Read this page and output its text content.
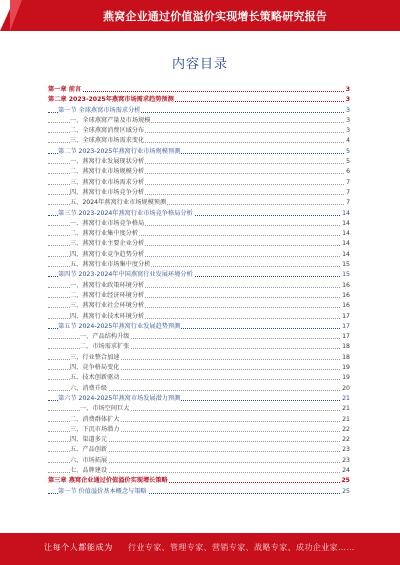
燕窝企业通过价值溢价实现增长策略研究报告
内容目录
第一章 前言	3
第二章 2023-2025年燕窝市场需求趋势预测	3
第一节 全球燕窝市场需求分析	3
一、全球燕窝产量及市场规模	3
二、全球燕窝消费区域分布	3
三、全球燕窝市场需求变化	4
第二节 2023-2025年燕窝行业市场规模预测	5
一、燕窝行业发展现状分析	5
二、燕窝行业市场规模分析	6
三、燕窝行业市场需求分析	7
四、燕窝行业市场竞争分析	7
五、2024年燕窝行业市场规模预测	7
第三节 2023-2024年燕窝行业市场竞争格局分析	14
一、燕窝行业市场竞争格局	14
二、燕窝行业集中度分析	14
三、燕窝行业主要企业分析	14
四、燕窝行业竞争趋势分析	14
五、燕窝行业市场集中度分析	15
第四节 2023-2024年中国燕窝行业发展环境分析	15
一、燕窝行业政策环境分析	16
二、燕窝行业经济环境分析	16
三、燕窝行业社会环境分析	16
四、燕窝行业技术环境分析	17
第五节 2024-2025年燕窝行业发展趋势预测	17
一、产品结构升级	17
二、市场需求扩张	18
三、行业整合加速	18
四、竞争格局变化	19
五、技术创新驱动	19
六、消费升级	20
第六节 2024-2025年燕窝市场发展潜力预测	21
一、市场空间巨大	21
二、消费群体扩大	21
三、下沉市场潜力	22
四、渠道多元	22
五、产品创新	23
六、市场拓展	23
七、品牌建设	24
第三章 燕窝企业通过价值溢价实现增长策略	25
第一节 价值溢价基本概念与策略	25
让每个人都能成为 行业专家、管理专家、营销专家、战略专家、成功企业家……
